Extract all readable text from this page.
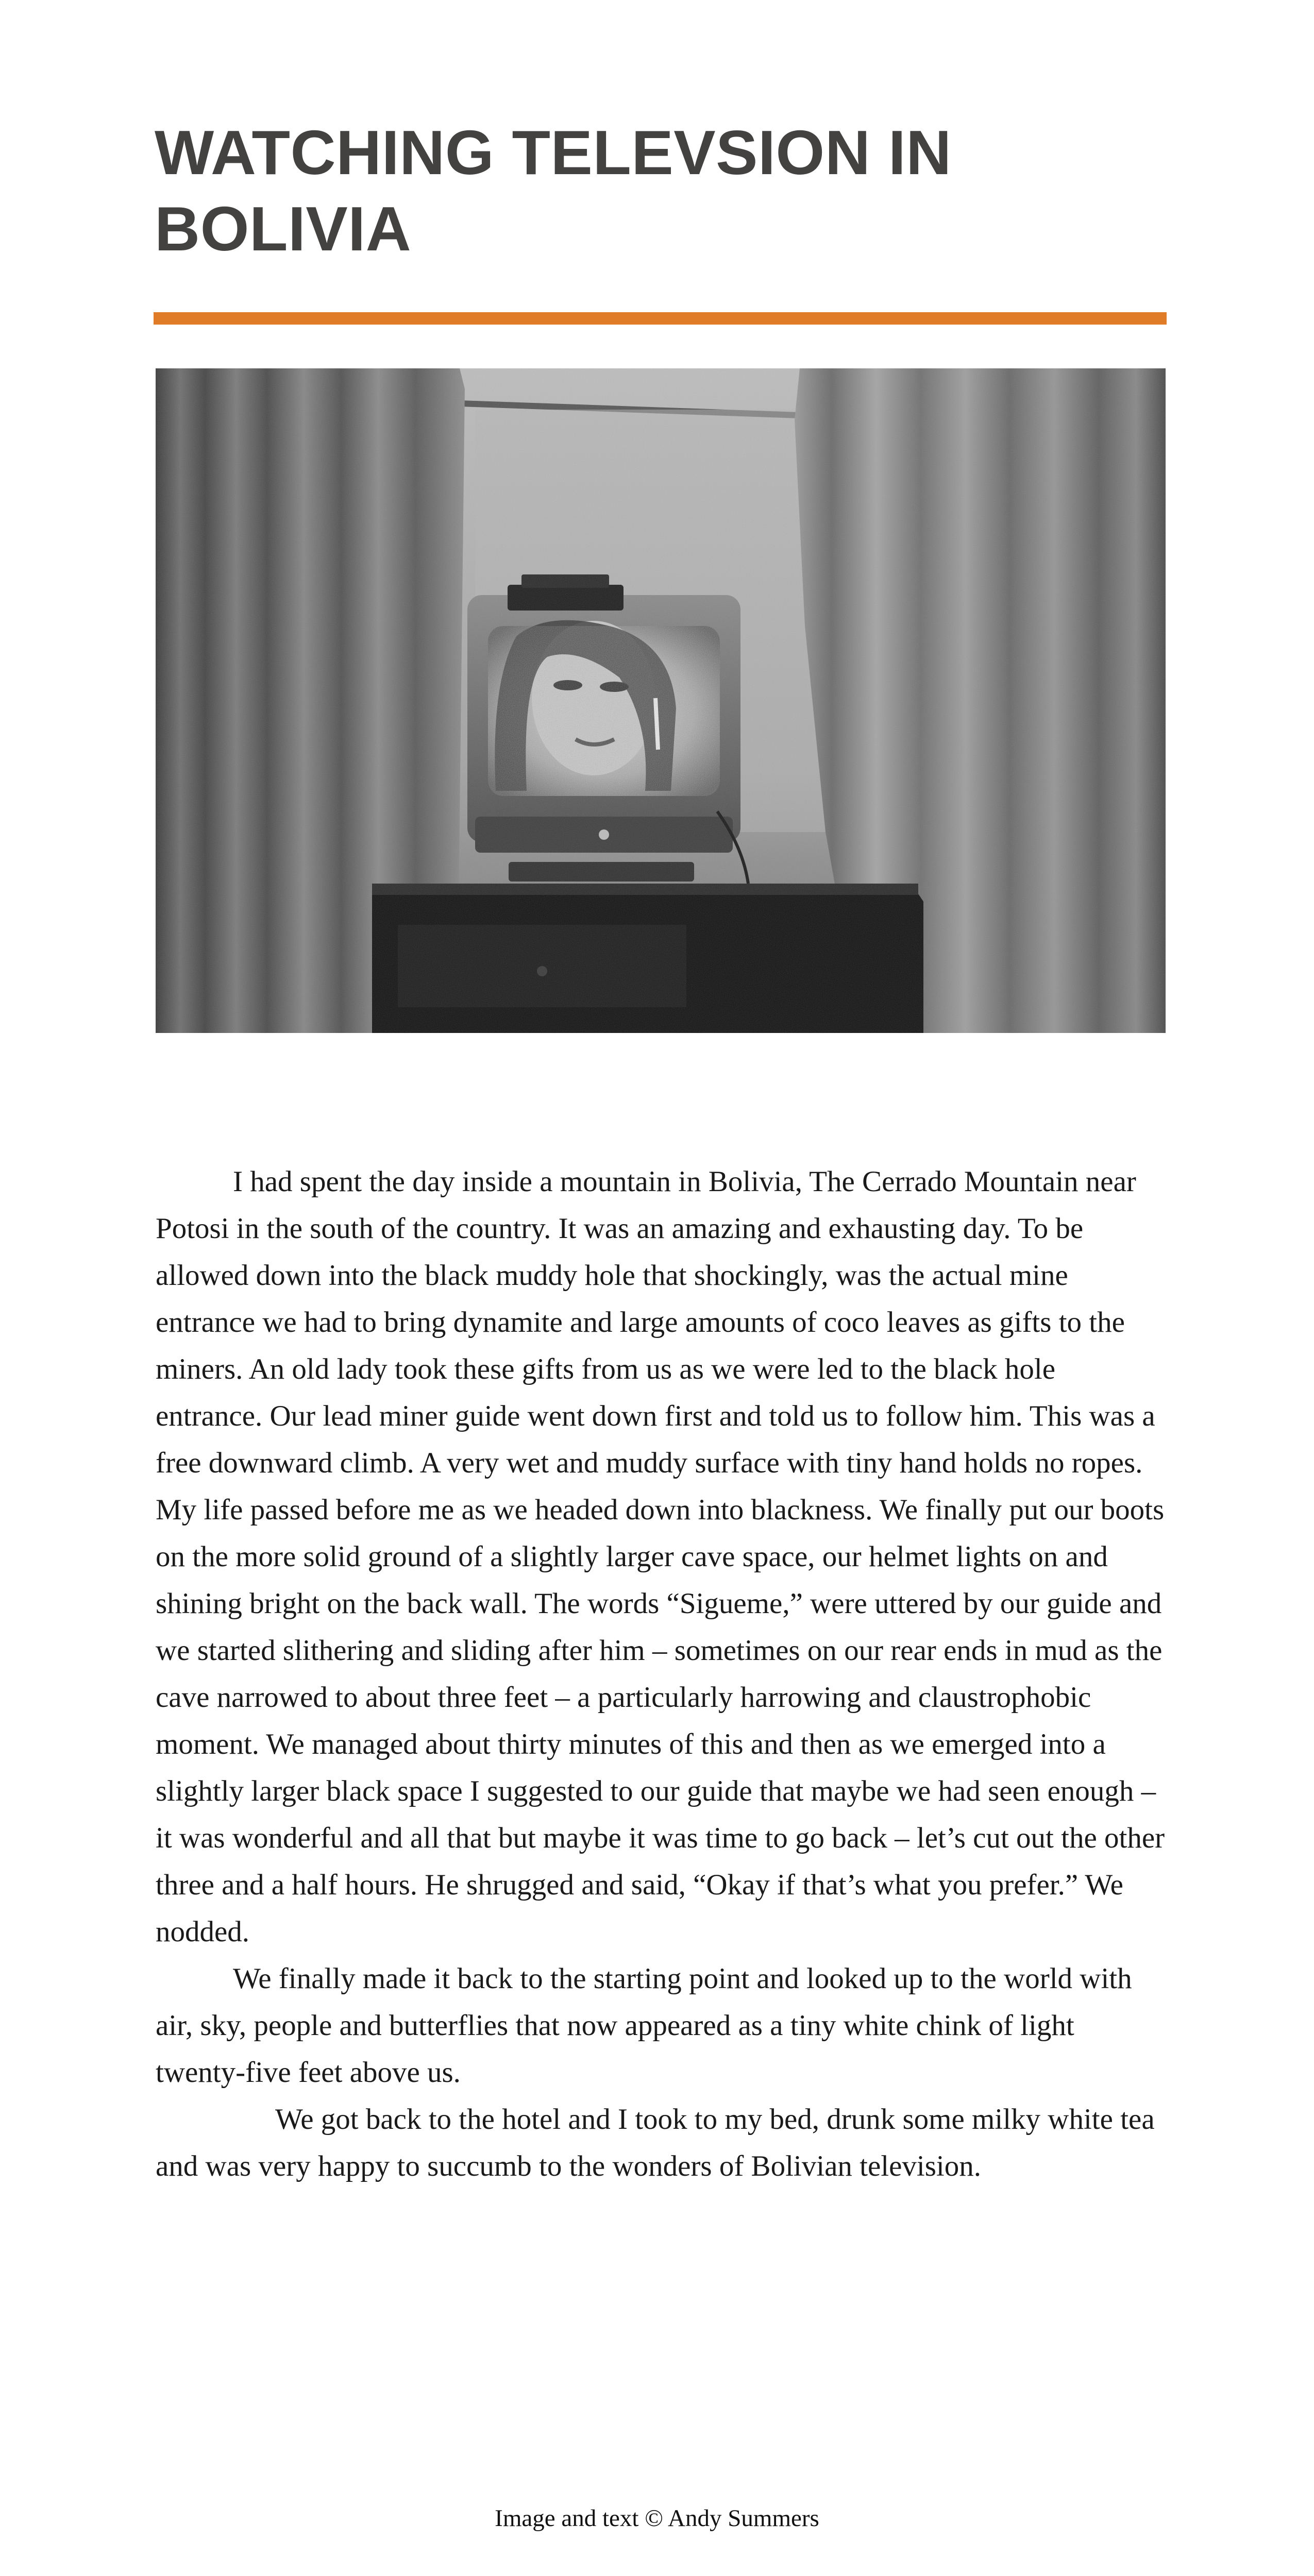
WATCHING TELEVSION IN BOLIVIA

I had spent the day inside a mountain in Bolivia, The Cerrado Mountain near Potosi in the south of the country. It was an amazing and exhausting day. To be allowed down into the black muddy hole that shockingly, was the actual mine entrance we had to bring dynamite and large amounts of coco leaves as gifts to the miners. An old lady took these gifts from us as we were led to the black hole entrance. Our lead miner guide went down first and told us to follow him. This was a free downward climb. A very wet and muddy surface with tiny hand holds no ropes. My life passed before me as we headed down into blackness. We finally put our boots on the more solid ground of a slightly larger cave space, our helmet lights on and shining bright on the back wall. The words “Sigueme,” were uttered by our guide and we started slithering and sliding after him – sometimes on our rear ends in mud as the cave narrowed to about three feet – a particularly harrowing and claustrophobic moment. We managed about thirty minutes of this and then as we emerged into a slightly larger black space I suggested to our guide that maybe we had seen enough – it was wonderful and all that but maybe it was time to go back – let’s cut out the other three and a half hours. He shrugged and said, “Okay if that’s what you prefer.” We nodded.

We finally made it back to the starting point and looked up to the world with air, sky, people and butterflies that now appeared as a tiny white chink of light twenty-five feet above us.

We got back to the hotel and I took to my bed, drunk some milky white tea and was very happy to succumb to the wonders of Bolivian television.

Image and text © Andy Summers
